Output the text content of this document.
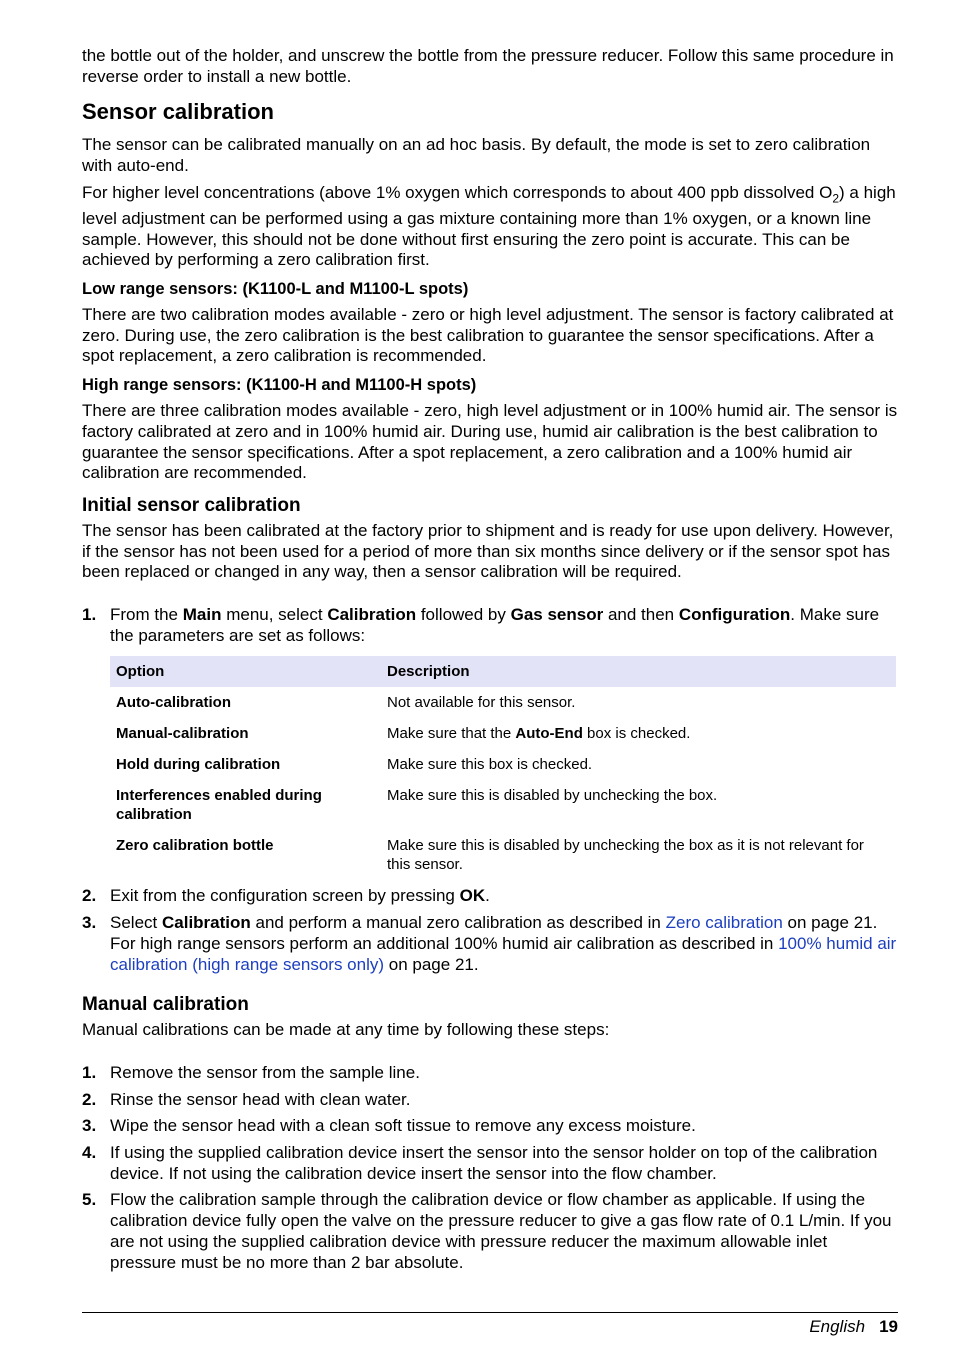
the bottle out of the holder, and unscrew the bottle from the pressure reducer. Follow this same procedure in reverse order to install a new bottle.

Sensor calibration

The sensor can be calibrated manually on an ad hoc basis. By default, the mode is set to zero calibration with auto-end.

For higher level concentrations (above 1% oxygen which corresponds to about 400 ppb dissolved $O_2$) a high level adjustment can be performed using a gas mixture containing more than 1% oxygen, or a known line sample. However, this should not be done without first ensuring the zero point is accurate. This can be achieved by performing a zero calibration first.

Low range sensors: (K1100-L and M1100-L spots)

There are two calibration modes available - zero or high level adjustment. The sensor is factory calibrated at zero. During use, the zero calibration is the best calibration to guarantee the sensor specifications. After a spot replacement, a zero calibration is recommended.

High range sensors: (K1100-H and M1100-H spots)

There are three calibration modes available - zero, high level adjustment or in 100% humid air. The sensor is factory calibrated at zero and in 100% humid air. During use, humid air calibration is the best calibration to guarantee the sensor specifications. After a spot replacement, a zero calibration and a 100% humid air calibration are recommended.

Initial sensor calibration

The sensor has been calibrated at the factory prior to shipment and is ready for use upon delivery. However, if the sensor has not been used for a period of more than six months since delivery or if the sensor spot has been replaced or changed in any way, then a sensor calibration will be required.

1. From the Main menu, select Calibration followed by Gas sensor and then Configuration. Make sure the parameters are set as follows:
Option	Description
Auto-calibration	Not available for this sensor.
Manual-calibration	Make sure that the Auto-End box is checked.
Hold during calibration	Make sure this box is checked.
Interferences enabled during calibration	Make sure this is disabled by unchecking the box.
Zero calibration bottle	Make sure this is disabled by unchecking the box as it is not relevant for this sensor.
2. Exit from the configuration screen by pressing OK.
3. Select Calibration and perform a manual zero calibration as described in Zero calibration on page 21. For high range sensors perform an additional 100% humid air calibration as described in 100% humid air calibration (high range sensors only) on page 21.
Manual calibration

Manual calibrations can be made at any time by following these steps:

1. Remove the sensor from the sample line.
2. Rinse the sensor head with clean water.
3. Wipe the sensor head with a clean soft tissue to remove any excess moisture.
4. If using the supplied calibration device insert the sensor into the sensor holder on top of the calibration device. If not using the calibration device insert the sensor into the flow chamber.
5. Flow the calibration sample through the calibration device or flow chamber as applicable. If using the calibration device fully open the valve on the pressure reducer to give a gas flow rate of 0.1 L/min. If you are not using the supplied calibration device with pressure reducer the maximum allowable inlet pressure must be no more than 2 bar absolute.
English 19
